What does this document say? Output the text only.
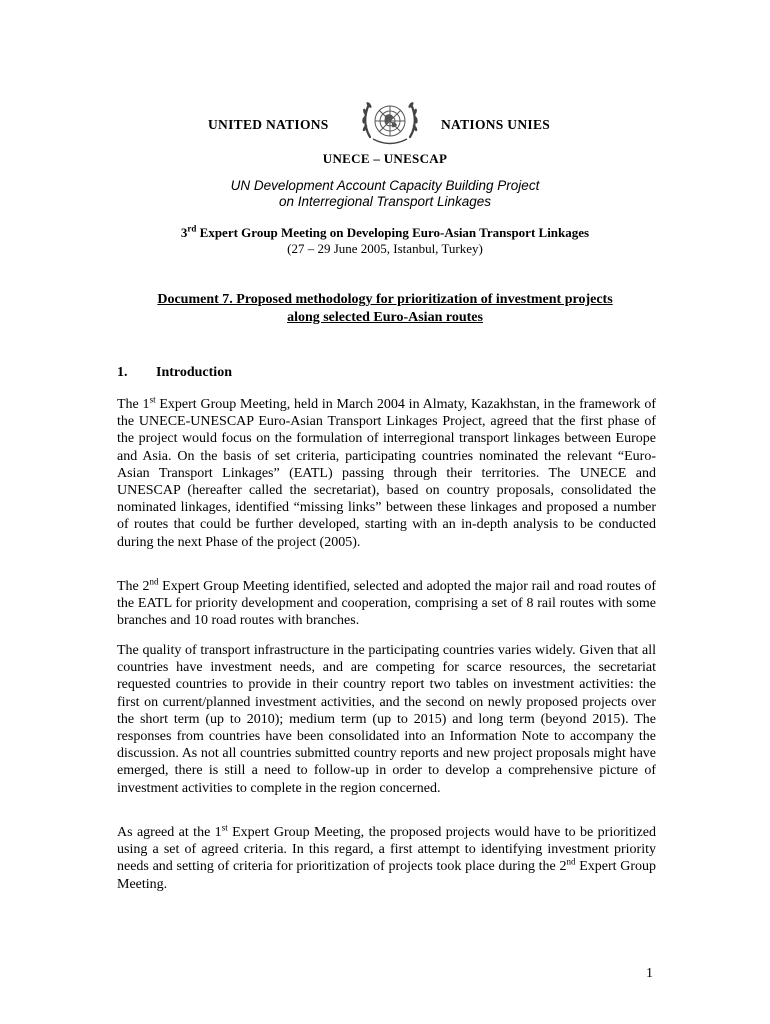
UNITED NATIONS	NATIONS UNIES
UNECE – UNESCAP
UN Development Account Capacity Building Project
on Interregional Transport Linkages
3rd Expert Group Meeting on Developing Euro-Asian Transport Linkages
(27 – 29 June 2005, Istanbul, Turkey)
Document 7. Proposed methodology for prioritization of investment projects
along selected Euro-Asian routes
1. Introduction

The 1st Expert Group Meeting, held in March 2004 in Almaty, Kazakhstan, in the framework of the UNECE-UNESCAP Euro-Asian Transport Linkages Project, agreed that the first phase of the project would focus on the formulation of interregional transport linkages between Europe and Asia. On the basis of set criteria, participating countries nominated the relevant “Euro-Asian Transport Linkages” (EATL) passing through their territories. The UNECE and UNESCAP (hereafter called the secretariat), based on country proposals, consolidated the nominated linkages, identified “missing links” between these linkages and proposed a number of routes that could be further developed, starting with an in-depth analysis to be conducted during the next Phase of the project (2005).

The 2nd Expert Group Meeting identified, selected and adopted the major rail and road routes of the EATL for priority development and cooperation, comprising a set of 8 rail routes with some branches and 10 road routes with branches.

The quality of transport infrastructure in the participating countries varies widely. Given that all countries have investment needs, and are competing for scarce resources, the secretariat requested countries to provide in their country report two tables on investment activities: the first on current/planned investment activities, and the second on newly proposed projects over the short term (up to 2010); medium term (up to 2015) and long term (beyond 2015). The responses from countries have been consolidated into an Information Note to accompany the discussion. As not all countries submitted country reports and new project proposals might have emerged, there is still a need to follow-up in order to develop a comprehensive picture of investment activities to complete in the region concerned.

As agreed at the 1st Expert Group Meeting, the proposed projects would have to be prioritized using a set of agreed criteria. In this regard, a first attempt to identifying investment priority needs and setting of criteria for prioritization of projects took place during the 2nd Expert Group Meeting.

1
